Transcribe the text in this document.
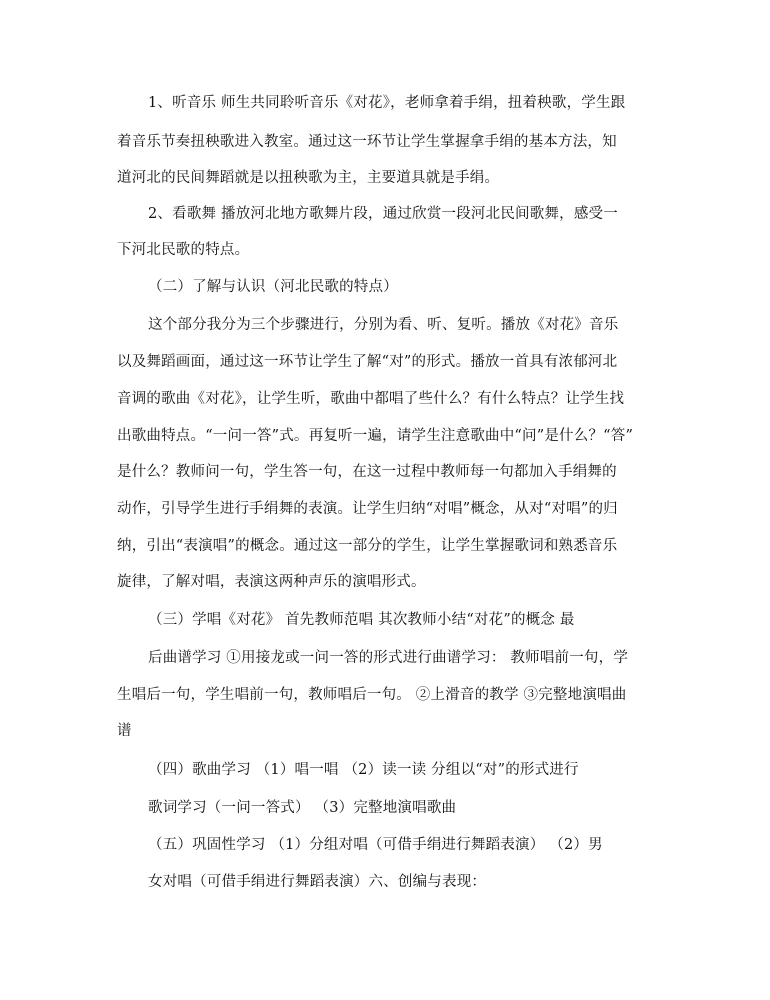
1、听音乐 师生共同聆听音乐《对花》，老师拿着手绢，扭着秧歌，学生跟
着音乐节奏扭秧歌进入教室。通过这一环节让学生掌握拿手绢的基本方法，知
道河北的民间舞蹈就是以扭秧歌为主，主要道具就是手绢。
2、看歌舞 播放河北地方歌舞片段，通过欣赏一段河北民间歌舞，感受一
下河北民歌的特点。
（二）了解与认识（河北民歌的特点）
这个部分我分为三个步骤进行，分别为看、听、复听。播放《对花》音乐
以及舞蹈画面，通过这一环节让学生了解“对”的形式。播放一首具有浓郁河北
音调的歌曲《对花》，让学生听，歌曲中都唱了些什么？有什么特点？让学生找
出歌曲特点。“一问一答”式。再复听一遍，请学生注意歌曲中“问”是什么？“答”
是什么？教师问一句，学生答一句，在这一过程中教师每一句都加入手绢舞的
动作，引导学生进行手绢舞的表演。让学生归纳“对唱”概念，从对“对唱”的归
纳，引出“表演唱”的概念。通过这一部分的学生，让学生掌握歌词和熟悉音乐
旋律，了解对唱，表演这两种声乐的演唱形式。
（三）学唱《对花》 首先教师范唱 其次教师小结“对花”的概念 最
后曲谱学习 ①用接龙或一问一答的形式进行曲谱学习： 教师唱前一句，学
生唱后一句，学生唱前一句，教师唱后一句。 ②上滑音的教学 ③完整地演唱曲
谱
（四）歌曲学习 （1）唱一唱 （2）读一读 分组以“对”的形式进行
歌词学习（一问一答式） （3）完整地演唱歌曲
（五）巩固性学习 （1）分组对唱（可借手绢进行舞蹈表演） （2）男
女对唱（可借手绢进行舞蹈表演）六、创编与表现：
